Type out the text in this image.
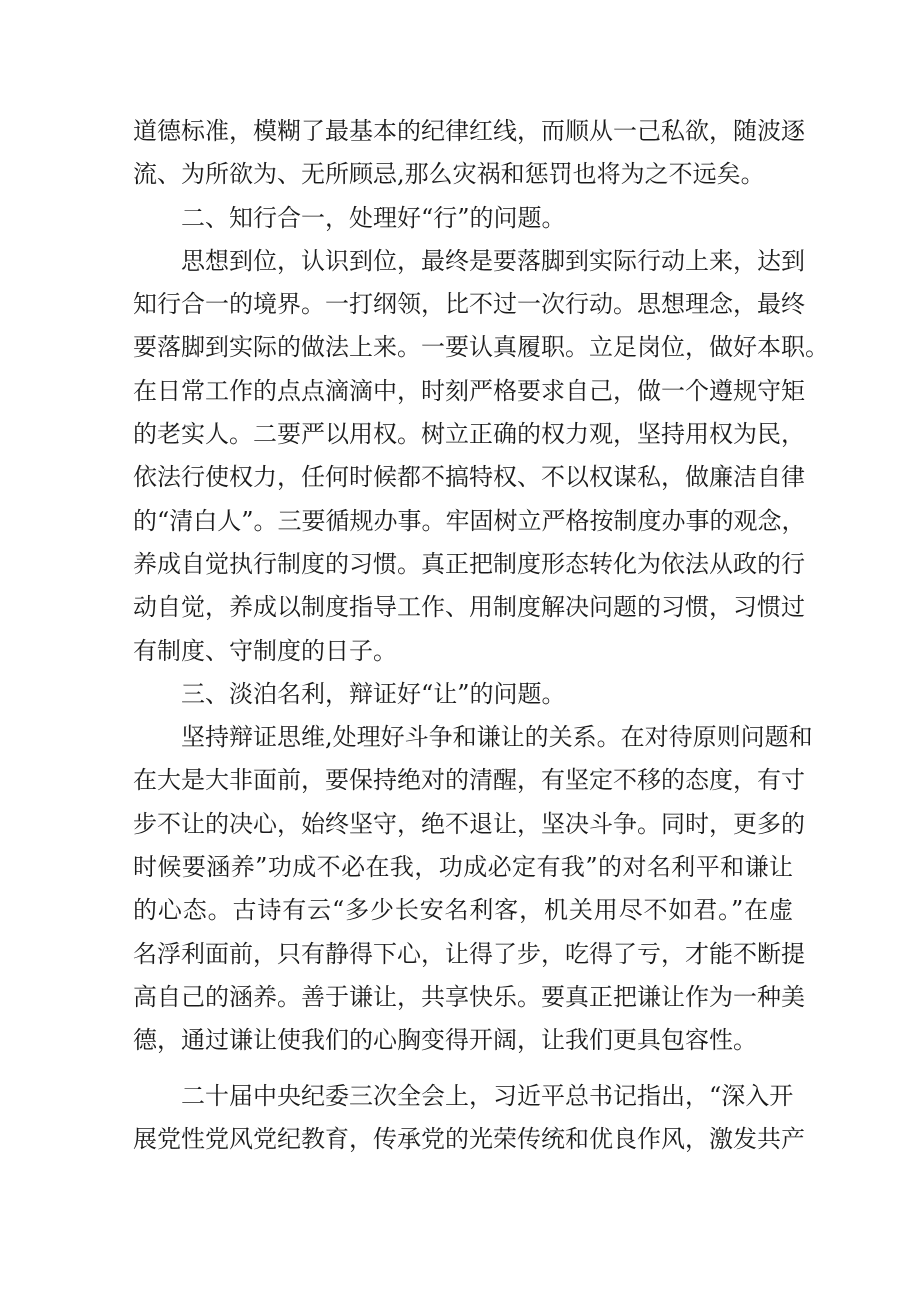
道德标准，模糊了最基本的纪律红线，而顺从一己私欲，随波逐
流、为所欲为、无所顾忌,那么灾祸和惩罚也将为之不远矣。
二、知行合一，处理好“行”的问题。
思想到位，认识到位，最终是要落脚到实际行动上来，达到
知行合一的境界。一打纲领，比不过一次行动。思想理念，最终
要落脚到实际的做法上来。一要认真履职。立足岗位，做好本职。
在日常工作的点点滴滴中，时刻严格要求自己，做一个遵规守矩
的老实人。二要严以用权。树立正确的权力观，坚持用权为民，
依法行使权力，任何时候都不搞特权、不以权谋私，做廉洁自律
的“清白人”。三要循规办事。牢固树立严格按制度办事的观念，
养成自觉执行制度的习惯。真正把制度形态转化为依法从政的行
动自觉，养成以制度指导工作、用制度解决问题的习惯，习惯过
有制度、守制度的日子。
三、淡泊名利，辩证好“让”的问题。
坚持辩证思维,处理好斗争和谦让的关系。在对待原则问题和
在大是大非面前，要保持绝对的清醒，有坚定不移的态度，有寸
步不让的决心，始终坚守，绝不退让，坚决斗争。同时，更多的
时候要涵养”功成不必在我，功成必定有我”的对名利平和谦让
的心态。古诗有云“多少长安名利客，机关用尽不如君。”在虚
名浮利面前，只有静得下心，让得了步，吃得了亏，才能不断提
高自己的涵养。善于谦让，共享快乐。要真正把谦让作为一种美
德，通过谦让使我们的心胸变得开阔，让我们更具包容性。
二十届中央纪委三次全会上，习近平总书记指出，“深入开
展党性党风党纪教育，传承党的光荣传统和优良作风，激发共产
